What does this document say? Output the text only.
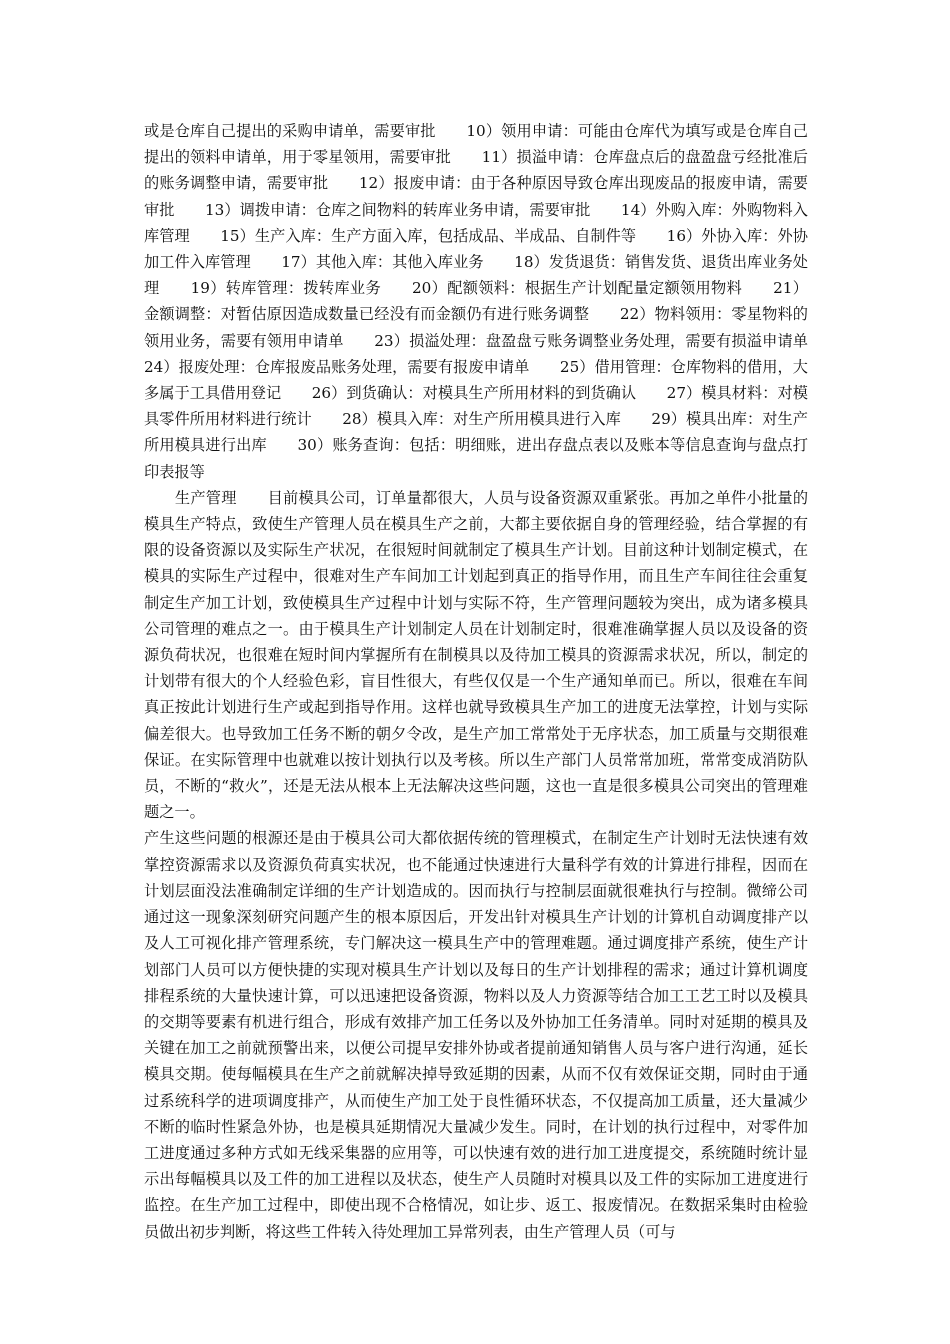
或是仓库自己提出的采购申请单，需要审批　　10）领用申请：可能由仓库代为填写或是仓库自己提出的领料申请单，用于零星领用，需要审批　　11）损溢申请：仓库盘点后的盘盈盘亏经批准后的账务调整申请，需要审批　　12）报废申请：由于各种原因导致仓库出现废品的报废申请，需要审批　　13）调拨申请：仓库之间物料的转库业务申请，需要审批　　14）外购入库：外购物料入库管理　　15）生产入库：生产方面入库，包括成品、半成品、自制件等　　16）外协入库：外协加工件入库管理　　17）其他入库：其他入库业务　　18）发货退货：销售发货、退货出库业务处理　　19）转库管理：拨转库业务　　20）配额领料：根据生产计划配量定额领用物料　　21）金额调整：对暂估原因造成数量已经没有而金额仍有进行账务调整　　22）物料领用：零星物料的领用业务，需要有领用申请单　　23）损溢处理：盘盈盘亏账务调整业务处理，需要有损溢申请单　　24）报废处理：仓库报废品账务处理，需要有报废申请单　　25）借用管理：仓库物料的借用，大多属于工具借用登记　　26）到货确认：对模具生产所用材料的到货确认　　27）模具材料：对模具零件所用材料进行统计　　28）模具入库：对生产所用模具进行入库　　29）模具出库：对生产所用模具进行出库　　30）账务查询：包括：明细账，进出存盘点表以及账本等信息查询与盘点打印表报等

　　生产管理　　目前模具公司，订单量都很大，人员与设备资源双重紧张。再加之单件小批量的模具生产特点，致使生产管理人员在模具生产之前，大都主要依据自身的管理经验，结合掌握的有限的设备资源以及实际生产状况，在很短时间就制定了模具生产计划。目前这种计划制定模式，在模具的实际生产过程中，很难对生产车间加工计划起到真正的指导作用，而且生产车间往往会重复制定生产加工计划，致使模具生产过程中计划与实际不符，生产管理问题较为突出，成为诸多模具公司管理的难点之一。由于模具生产计划制定人员在计划制定时，很难准确掌握人员以及设备的资源负荷状况，也很难在短时间内掌握所有在制模具以及待加工模具的资源需求状况，所以，制定的计划带有很大的个人经验色彩，盲目性很大，有些仅仅是一个生产通知单而已。所以，很难在车间真正按此计划进行生产或起到指导作用。这样也就导致模具生产加工的进度无法掌控，计划与实际偏差很大。也导致加工任务不断的朝夕令改，是生产加工常常处于无序状态，加工质量与交期很难保证。在实际管理中也就难以按计划执行以及考核。所以生产部门人员常常加班，常常变成消防队员，不断的“救火”，还是无法从根本上无法解决这些问题，这也一直是很多模具公司突出的管理难题之一。

产生这些问题的根源还是由于模具公司大都依据传统的管理模式，在制定生产计划时无法快速有效掌控资源需求以及资源负荷真实状况，也不能通过快速进行大量科学有效的计算进行排程，因而在计划层面没法准确制定详细的生产计划造成的。因而执行与控制层面就很难执行与控制。微缔公司通过这一现象深刻研究问题产生的根本原因后，开发出针对模具生产计划的计算机自动调度排产以及人工可视化排产管理系统，专门解决这一模具生产中的管理难题。通过调度排产系统，使生产计划部门人员可以方便快捷的实现对模具生产计划以及每日的生产计划排程的需求；通过计算机调度排程系统的大量快速计算，可以迅速把设备资源，物料以及人力资源等结合加工工艺工时以及模具的交期等要素有机进行组合，形成有效排产加工任务以及外协加工任务清单。同时对延期的模具及关键在加工之前就预警出来，以便公司提早安排外协或者提前通知销售人员与客户进行沟通，延长模具交期。使每幅模具在生产之前就解决掉导致延期的因素，从而不仅有效保证交期，同时由于通过系统科学的进项调度排产，从而使生产加工处于良性循环状态，不仅提高加工质量，还大量减少不断的临时性紧急外协，也是模具延期情况大量减少发生。同时，在计划的执行过程中，对零件加工进度通过多种方式如无线采集器的应用等，可以快速有效的进行加工进度提交，系统随时统计显示出每幅模具以及工件的加工进程以及状态，使生产人员随时对模具以及工件的实际加工进度进行监控。在生产加工过程中，即使出现不合格情况，如让步、返工、报废情况。在数据采集时由检验员做出初步判断，将这些工件转入待处理加工异常列表，由生产管理人员（可与
